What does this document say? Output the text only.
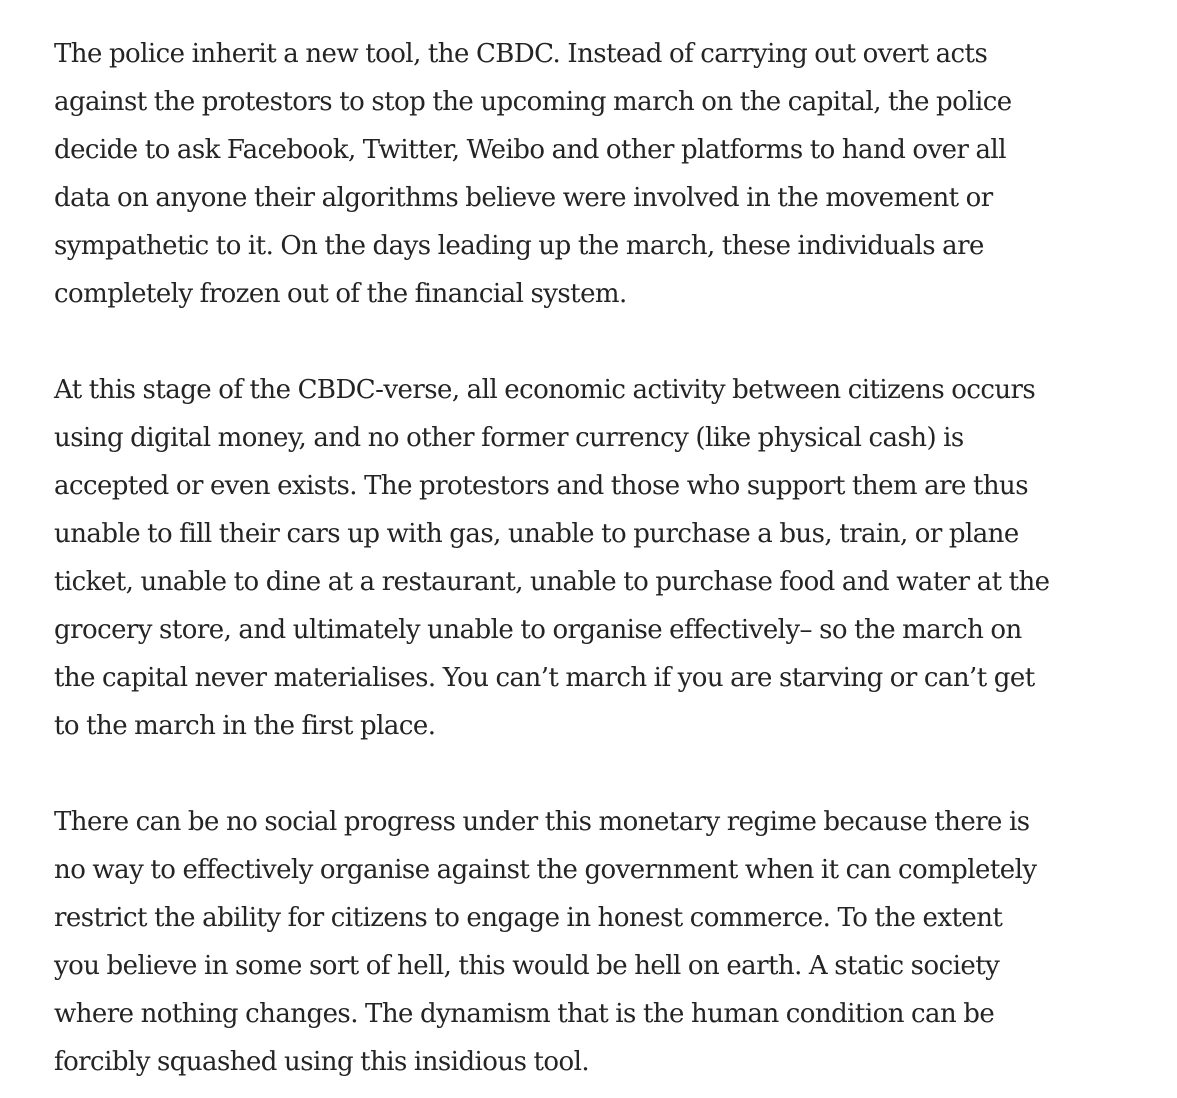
The police inherit a new tool, the CBDC. Instead of carrying out overt acts
against the protestors to stop the upcoming march on the capital, the police
decide to ask Facebook, Twitter, Weibo and other platforms to hand over all
data on anyone their algorithms believe were involved in the movement or
sympathetic to it. On the days leading up the march, these individuals are
completely frozen out of the financial system.

At this stage of the CBDC-verse, all economic activity between citizens occurs
using digital money, and no other former currency (like physical cash) is
accepted or even exists. The protestors and those who support them are thus
unable to fill their cars up with gas, unable to purchase a bus, train, or plane
ticket, unable to dine at a restaurant, unable to purchase food and water at the
grocery store, and ultimately unable to organise effectively– so the march on
the capital never materialises. You can’t march if you are starving or can’t get
to the march in the first place.

There can be no social progress under this monetary regime because there is
no way to effectively organise against the government when it can completely
restrict the ability for citizens to engage in honest commerce. To the extent
you believe in some sort of hell, this would be hell on earth. A static society
where nothing changes. The dynamism that is the human condition can be
forcibly squashed using this insidious tool.
